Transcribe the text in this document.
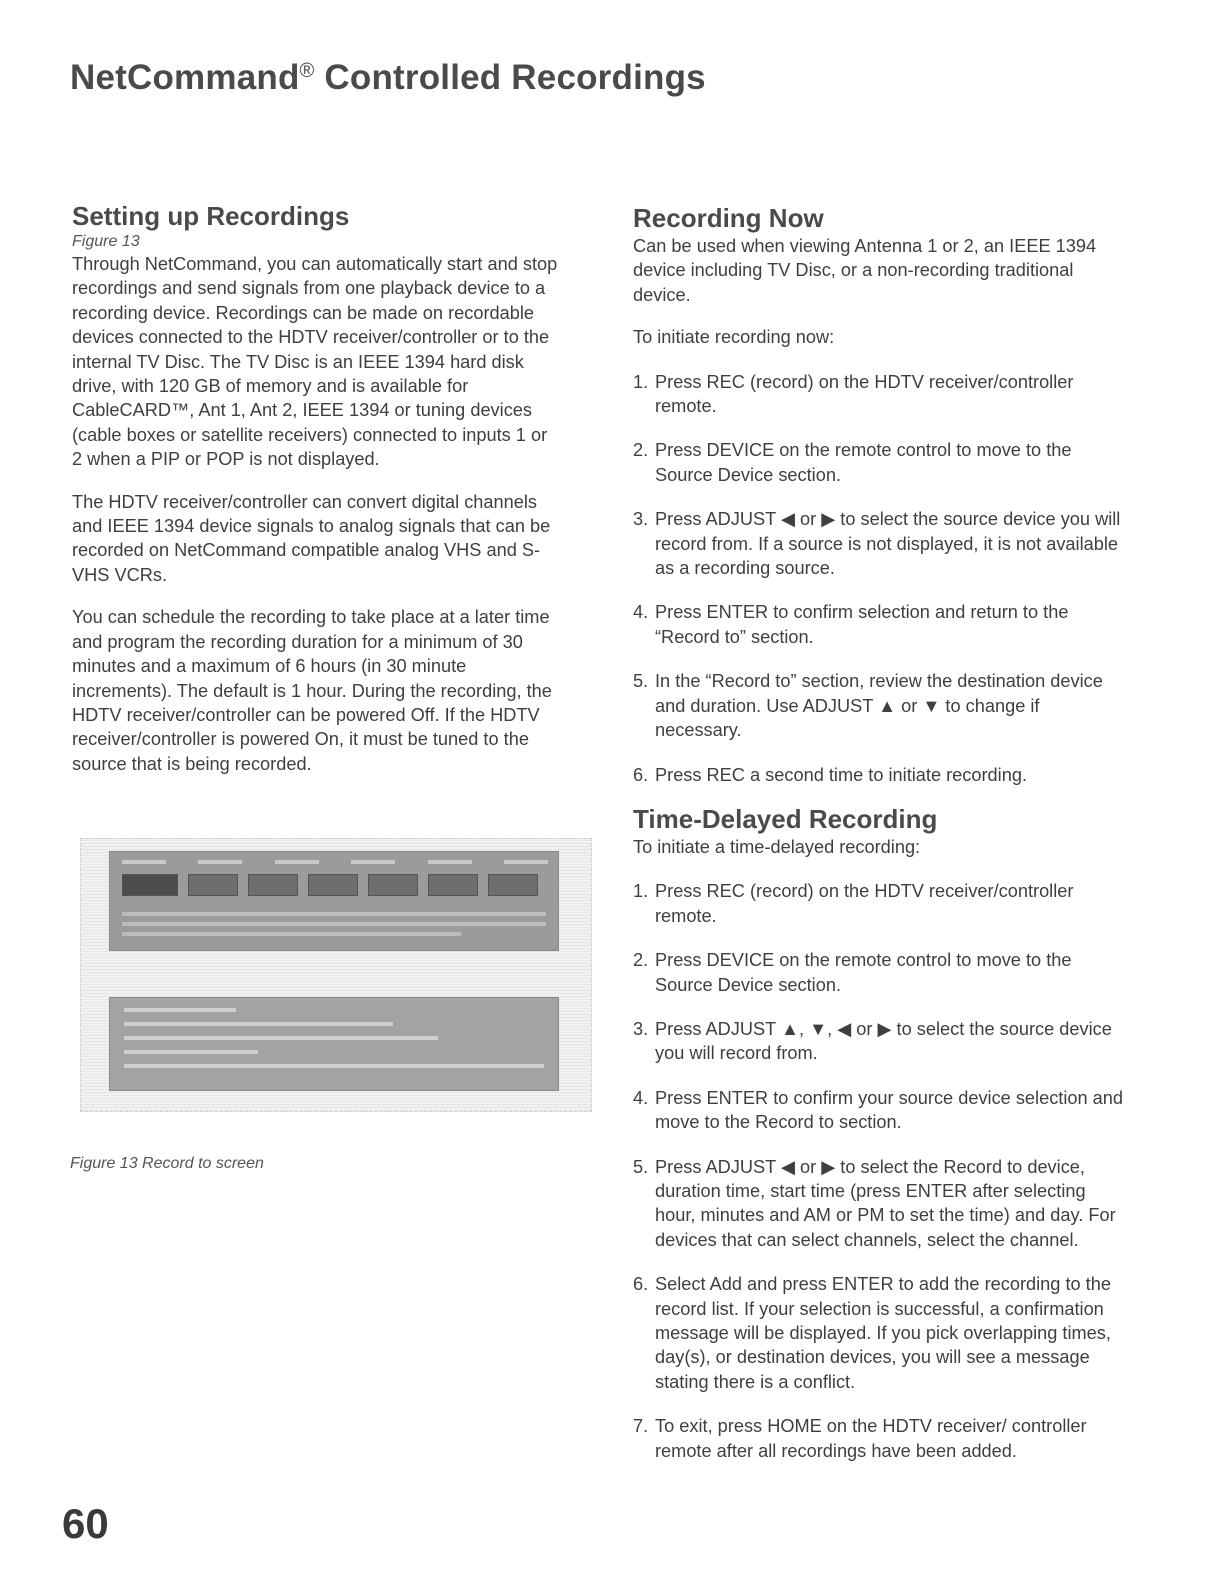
NetCommand® Controlled Recordings
Setting up Recordings
Figure 13

Through NetCommand, you can automatically start and stop recordings and send signals from one playback device to a recording device. Recordings can be made on recordable devices connected to the HDTV receiver/controller or to the internal TV Disc. The TV Disc is an IEEE 1394 hard disk drive, with 120 GB of memory and is available for CableCARD™, Ant 1, Ant 2, IEEE 1394 or tuning devices (cable boxes or satellite receivers) connected to inputs 1 or 2 when a PIP or POP is not displayed.

The HDTV receiver/controller can convert digital channels and IEEE 1394 device signals to analog signals that can be recorded on NetCommand compatible analog VHS and S-VHS VCRs.

You can schedule the recording to take place at a later time and program the recording duration for a minimum of 30 minutes and a maximum of 6 hours (in 30 minute increments). The default is 1 hour. During the recording, the HDTV receiver/controller can be powered Off. If the HDTV receiver/controller is powered On, it must be tuned to the source that is being recorded.

Figure 13 Record to screen
Recording Now

Can be used when viewing Antenna 1 or 2, an IEEE 1394 device including TV Disc, or a non-recording traditional device.

To initiate recording now:

1. Press REC (record) on the HDTV receiver/controller remote.
2. Press DEVICE on the remote control to move to the Source Device section.
3. Press ADJUST ◀ or ▶ to select the source device you will record from. If a source is not displayed, it is not available as a recording source.
4. Press ENTER to confirm selection and return to the “Record to” section.
5. In the “Record to” section, review the destination device and duration. Use ADJUST ▲ or ▼ to change if necessary.
6. Press REC a second time to initiate recording.
Time-Delayed Recording

To initiate a time-delayed recording:

1. Press REC (record) on the HDTV receiver/controller remote.
2. Press DEVICE on the remote control to move to the Source Device section.
3. Press ADJUST ▲, ▼, ◀ or ▶ to select the source device you will record from.
4. Press ENTER to confirm your source device selection and move to the Record to section.
5. Press ADJUST ◀ or ▶ to select the Record to device, duration time, start time (press ENTER after selecting hour, minutes and AM or PM to set the time) and day. For devices that can select channels, select the channel.
6. Select Add and press ENTER to add the recording to the record list. If your selection is successful, a confirmation message will be displayed. If you pick overlapping times, day(s), or destination devices, you will see a message stating there is a conflict.
7. To exit, press HOME on the HDTV receiver/ controller remote after all recordings have been added.
60
